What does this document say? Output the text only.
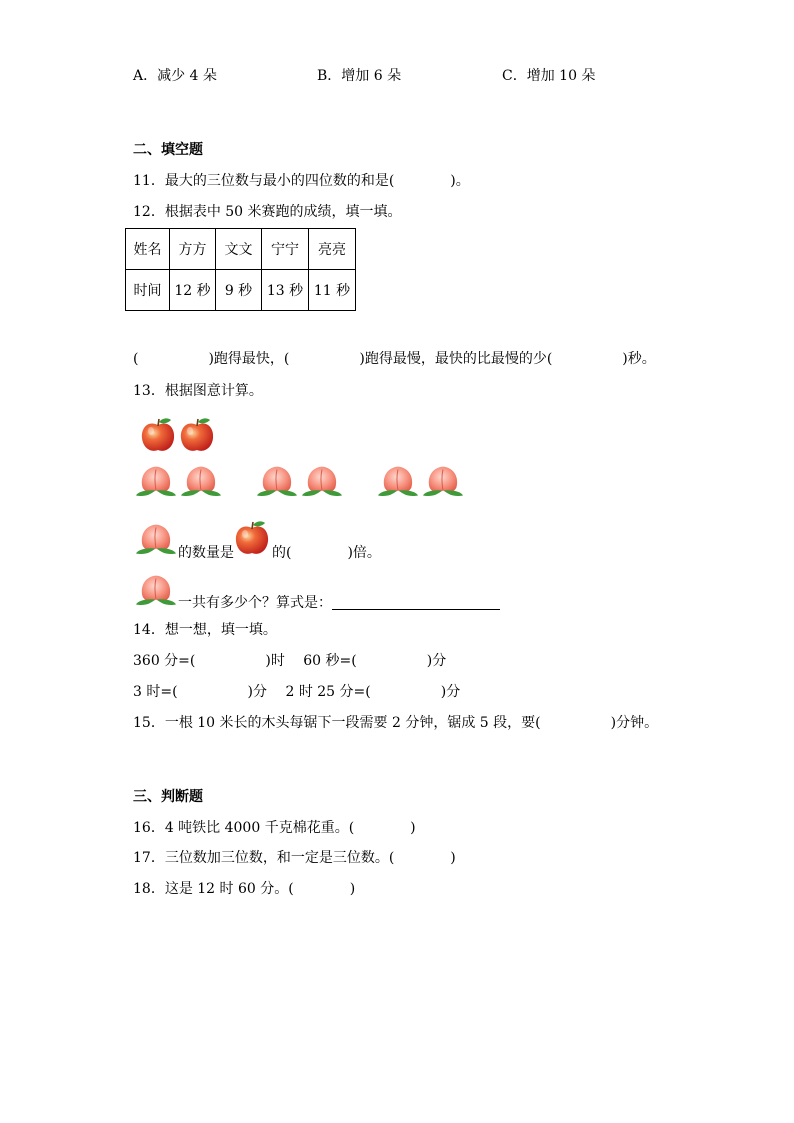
A．减少 4 朵	B．增加 6 朵	C．增加 10 朵
二、填空题
11．最大的三位数与最小的四位数的和是(　　　　)。
12．根据表中 50 米赛跑的成绩，填一填。
姓名	方方	文文	宁宁	亮亮
时间	12 秒	9 秒	13 秒	11 秒
(　　　　　)跑得最快，(　　　　　)跑得最慢，最快的比最慢的少(　　　　　)秒。
13．根据图意计算。
的数量是	的(　　　　)倍。
一共有多少个？算式是：
14．想一想，填一填。
360 分=(　　　　　)时　 60 秒=(　　　　　)分
3 时=(　　　　　)分　 2 时 25 分=(　　　　　)分
15．一根 10 米长的木头每锯下一段需要 2 分钟，锯成 5 段，要(　　　　　)分钟。
三、判断题
16．4 吨铁比 4000 千克棉花重。(　　　　)
17．三位数加三位数，和一定是三位数。(　　　　)
18．这是 12 时 60 分。(　　　　)
